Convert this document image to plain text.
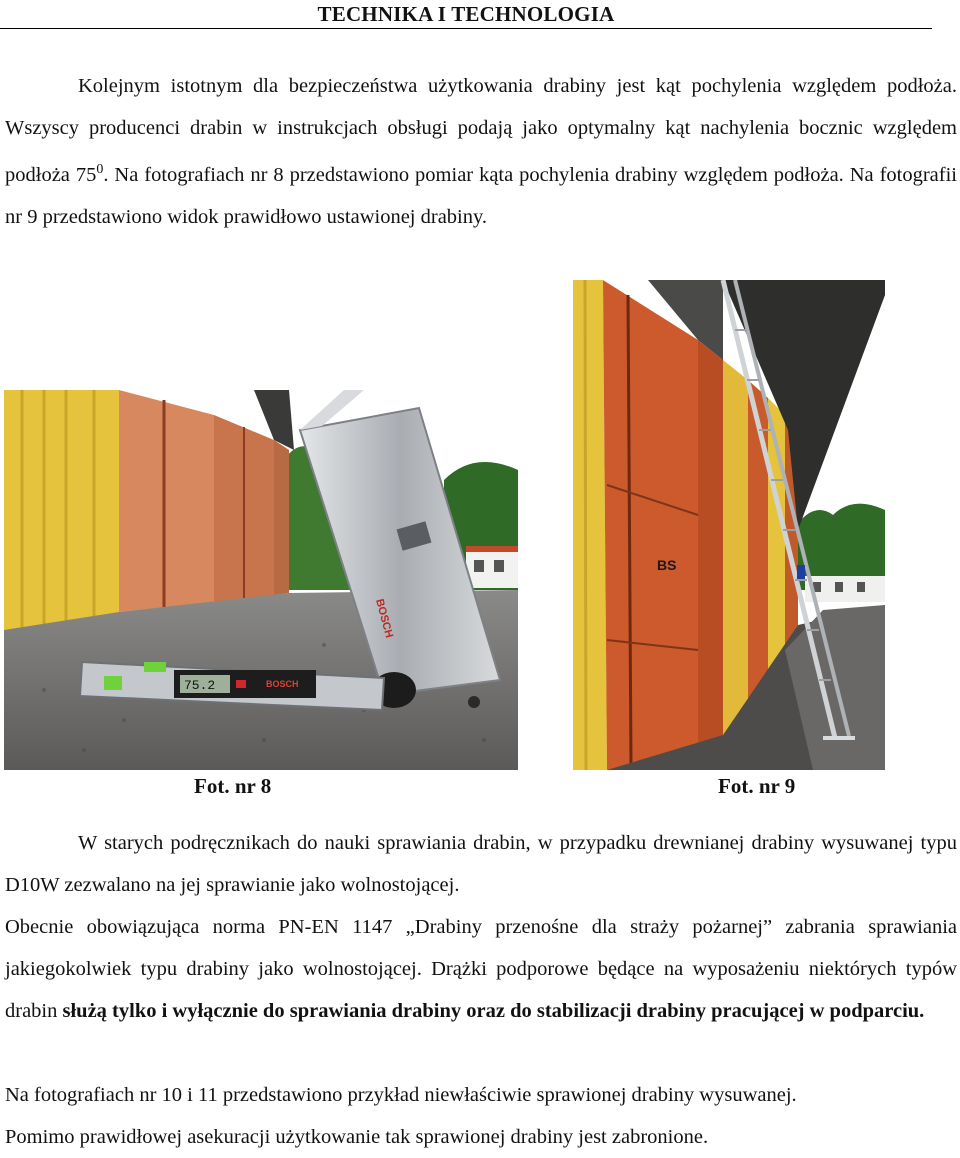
TECHNIKA I TECHNOLOGIA

Kolejnym istotnym dla bezpieczeństwa użytkowania drabiny jest kąt pochylenia względem podłoża. Wszyscy producenci drabin w instrukcjach obsługi podają jako optymalny kąt nachylenia bocznic względem podłoża $75^0$. Na fotografiach nr 8 przedstawiono pomiar kąta pochylenia drabiny względem podłoża. Na fotografii nr 9 przedstawiono widok prawidłowo ustawionej drabiny.

BOSCH
75.2	BOSCH
Fot. nr 8
BS
Fot. nr 9

W starych podręcznikach do nauki sprawiania drabin, w przypadku drewnianej drabiny wysuwanej typu D10W zezwalano na jej sprawianie jako wolnostojącej.

Obecnie obowiązująca norma PN-EN 1147 „Drabiny przenośne dla straży pożarnej” zabrania sprawiania jakiegokolwiek typu drabiny jako wolnostojącej. Drążki podporowe będące na wyposażeniu niektórych typów drabin służą tylko i wyłącznie do sprawiania drabiny oraz do stabilizacji drabiny pracującej w podparciu.

Na fotografiach nr 10 i 11 przedstawiono przykład niewłaściwie sprawionej drabiny wysuwanej.

Pomimo prawidłowej asekuracji użytkowanie tak sprawionej drabiny jest zabronione.
